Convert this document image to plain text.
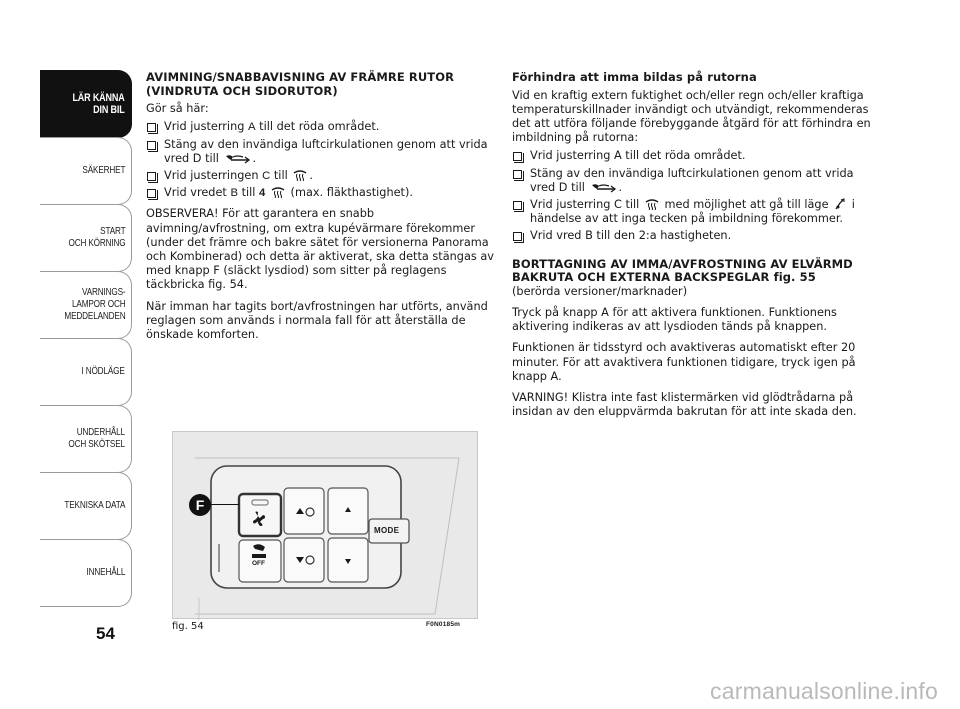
LÄR KÄNNA
DIN BIL
SÄKERHET
START
OCH KÖRNING
VARNINGS-
LAMPOR OCH
MEDDELANDEN
I NÖDLÄGE
UNDERHÅLL
OCH SKÖTSEL
TEKNISKA DATA
INNEHÅLL
54
AVIMNING/SNABBAVISNING AV FRÄMRE RUTOR (VINDRUTA OCH SIDORUTOR)

Gör så här:

Vrid justerring A till det röda området.
Stäng av den invändiga luftcirkulationen genom att vrida vred D till	.
Vrid justerringen C till .
Vrid vredet B till 4 (max. fläkthastighet).

OBSERVERA! För att garantera en snabb avimning/avfrostning, om extra kupévärmare förekommer (under det främre och bakre sätet för versionerna Panorama och Kombinerad) och detta är aktiverat, ska detta stängas av med knapp F (släckt lysdiod) som sitter på reglagens täckbricka fig. 54.

När imman har tagits bort/avfrostningen har utförts, använd reglagen som används i normala fall för att återställa de önskade komforten.

Förhindra att imma bildas på rutorna

Vid en kraftig extern fuktighet och/eller regn och/eller kraftiga temperaturskillnader invändigt och utvändigt, rekommenderas det att utföra följande förebyggande åtgärd för att förhindra en imbildning på rutorna:

Vrid justerring A till det röda området.
Stäng av den invändiga luftcirkulationen genom att vrida vred D till	.
Vrid justerring C till med möjlighet att gå till läge i händelse av att inga tecken på imbildning förekommer.
Vrid vred B till den 2:a hastigheten.
BORTTAGNING AV IMMA/AVFROSTNING AV ELVÄRMD BAKRUTA OCH EXTERNA BACKSPEGLAR fig. 55

(berörda versioner/marknader)

Tryck på knapp A för att aktivera funktionen. Funktionens aktivering indikeras av att lysdioden tänds på knappen.

Funktionen är tidsstyrd och avaktiveras automatiskt efter 20 minuter. För att avaktivera funktionen tidigare, tryck igen på knapp A.

VARNING! Klistra inte fast klistermärken vid glödtrådarna på insidan av den eluppvärmda bakrutan för att inte skada den.

MODE
OFF
F
fig. 54	F0N0185m
carmanualsonline.info
